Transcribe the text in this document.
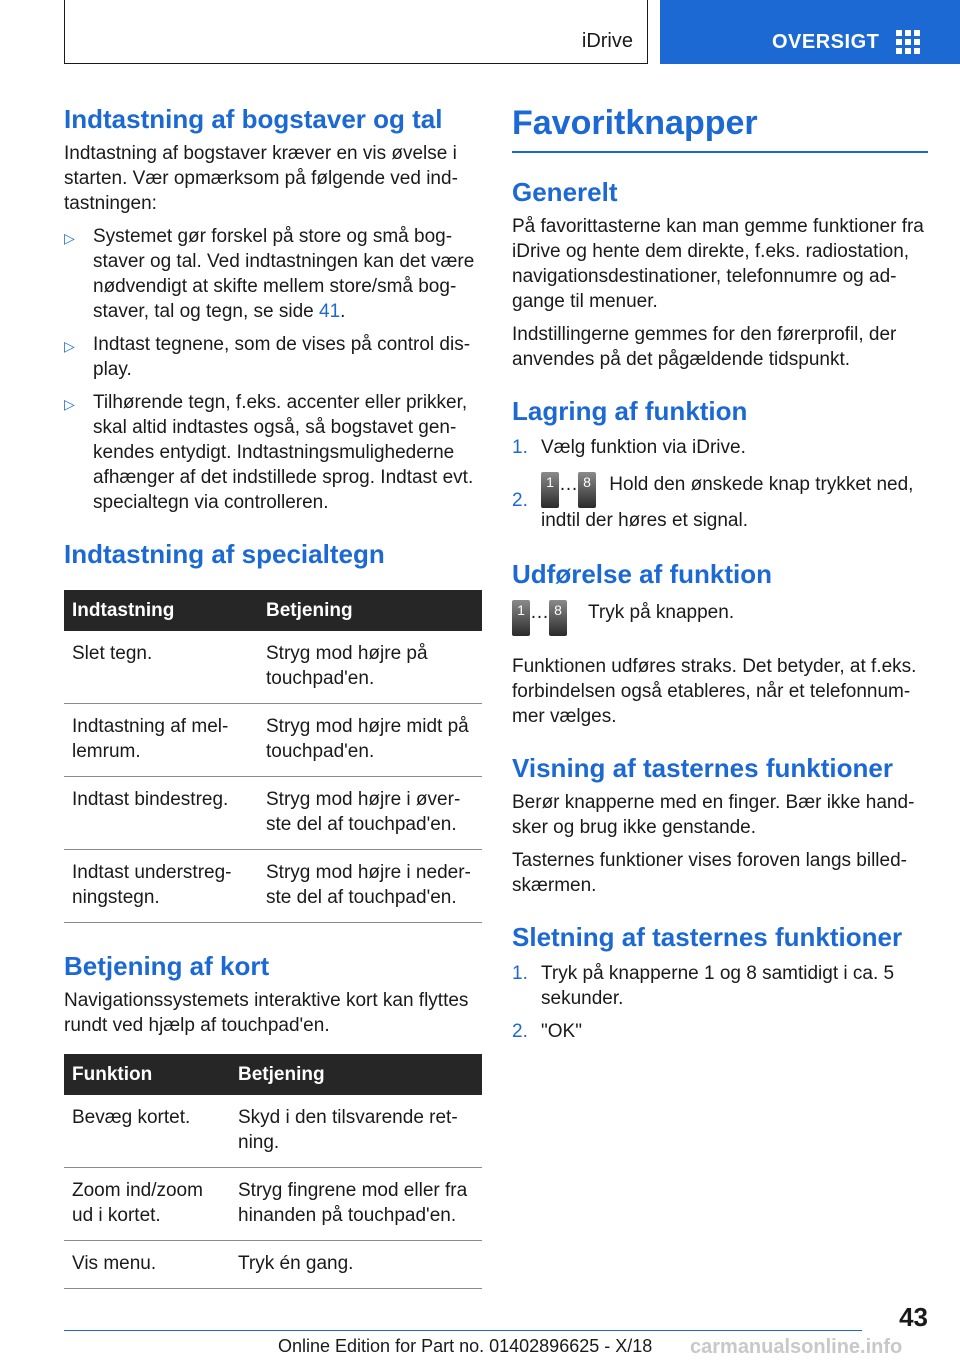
iDrive	OVERSIGT
Indtastning af bogstaver og tal

Indtastning af bogstaver kræver en vis øvelse i starten. Vær opmærksom på følgende ved indtastningen:

▷ Systemet gør forskel på store og små bogstaver og tal. Ved indtastningen kan det være nødvendigt at skifte mellem store/små bogstaver, tal og tegn, se side 41.
▷ Indtast tegnene, som de vises på control display.
▷ Tilhørende tegn, f.eks. accenter eller prikker, skal altid indtastes også, så bogstavet genkendes entydigt. Indtastningsmulighederne afhænger af det indstillede sprog. Indtast evt. specialtegn via controlleren.
Indtastning af specialtegn
Indtastning	Betjening
Slet tegn.	Stryg mod højre på touchpad'en.
Indtastning af mellemrum.	Stryg mod højre midt på touchpad'en.
Indtast bindestreg.	Stryg mod højre i øverste del af touchpad'en.
Indtast understregningstegn.	Stryg mod højre i nederste del af touchpad'en.
Betjening af kort

Navigationssystemets interaktive kort kan flyttes rundt ved hjælp af touchpad'en.

Funktion	Betjening
Bevæg kortet.	Skyd i den tilsvarende retning.
Zoom ind/zoom ud i kortet.	Stryg fingrene mod eller fra hinanden på touchpad'en.
Vis menu.	Tryk én gang.
Favoritknapper
Generelt

På favorittasterne kan man gemme funktioner fra iDrive og hente dem direkte, f.eks. radiostation, navigationsdestinationer, telefonnumre og adgange til menuer.

Indstillingerne gemmes for den førerprofil, der anvendes på det pågældende tidspunkt.

Lagring af funktion
1. Vælg funktion via iDrive.
2.
1 … 8 Hold den ønskede knap trykket ned, indtil der høres et signal.
Udførelse af funktion
1 … 8 Tryk på knappen.

Funktionen udføres straks. Det betyder, at f.eks. forbindelsen også etableres, når et telefonnummer vælges.

Visning af tasternes funktioner

Berør knapperne med en finger. Bær ikke handsker og brug ikke genstande.

Tasternes funktioner vises foroven langs billedskærmen.

Sletning af tasternes funktioner
1. Tryk på knapperne 1 og 8 samtidigt i ca. 5 sekunder.
2. "OK"
43
Online Edition for Part no. 01402896625 - X/18 carmanualsonline.info
